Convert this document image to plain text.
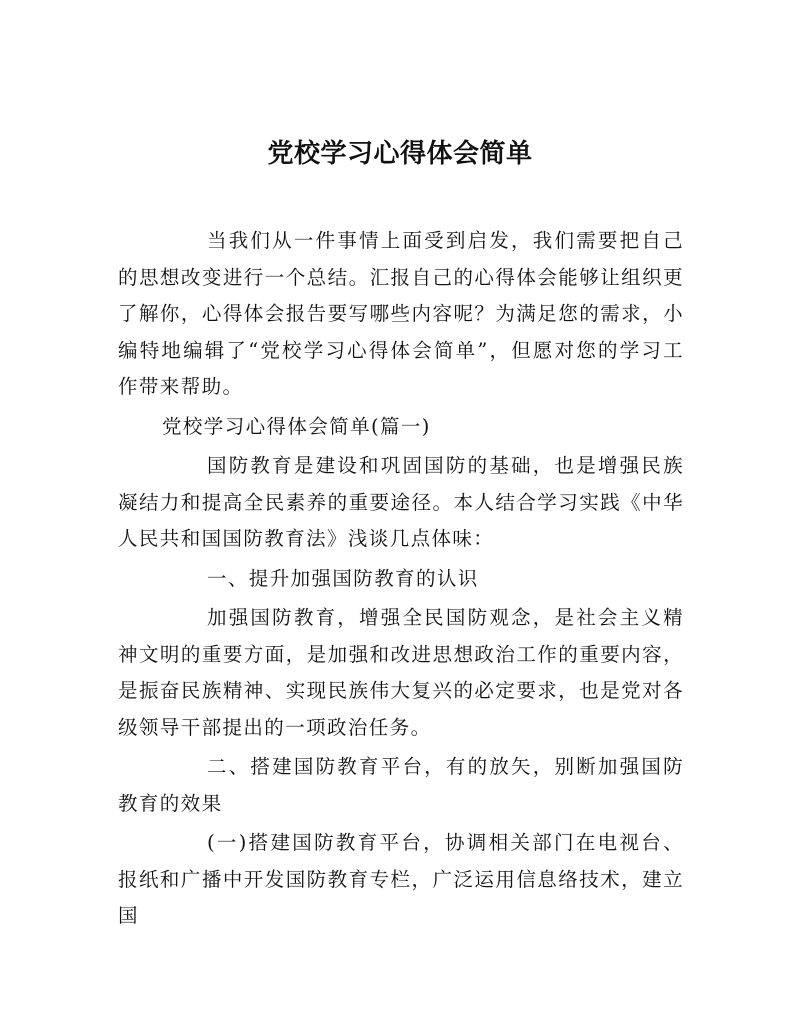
党校学习心得体会简单

当我们从一件事情上面受到启发，我们需要把自己的思想改变进行一个总结。汇报自己的心得体会能够让组织更了解你，心得体会报告要写哪些内容呢？为满足您的需求，小编特地编辑了“党校学习心得体会简单”，但愿对您的学习工作带来帮助。

党校学习心得体会简单(篇一)

国防教育是建设和巩固国防的基础，也是增强民族凝结力和提高全民素养的重要途径。本人结合学习实践《中华人民共和国国防教育法》浅谈几点体味：

一、提升加强国防教育的认识

加强国防教育，增强全民国防观念，是社会主义精神文明的重要方面，是加强和改进思想政治工作的重要内容，是振奋民族精神、实现民族伟大复兴的必定要求，也是党对各级领导干部提出的一项政治任务。

二、搭建国防教育平台，有的放矢，别断加强国防教育的效果

(一)搭建国防教育平台，协调相关部门在电视台、报纸和广播中开发国防教育专栏，广泛运用信息络技术，建立国
